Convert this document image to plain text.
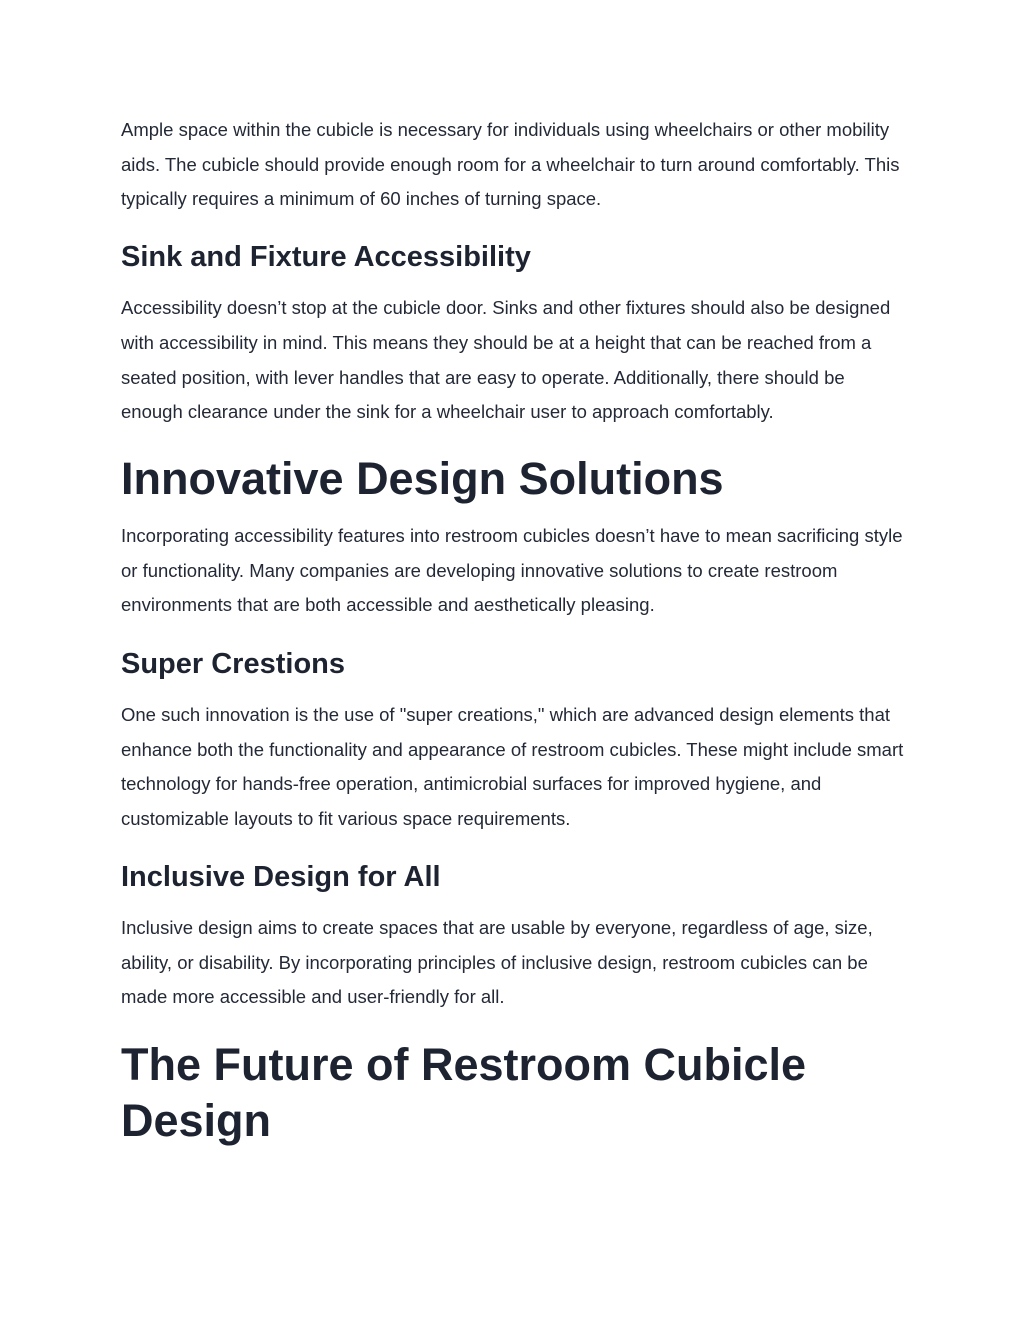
Ample space within the cubicle is necessary for individuals using wheelchairs or other mobility aids. The cubicle should provide enough room for a wheelchair to turn around comfortably. This typically requires a minimum of 60 inches of turning space.

Sink and Fixture Accessibility

Accessibility doesn’t stop at the cubicle door. Sinks and other fixtures should also be designed with accessibility in mind. This means they should be at a height that can be reached from a seated position, with lever handles that are easy to operate. Additionally, there should be enough clearance under the sink for a wheelchair user to approach comfortably.

Innovative Design Solutions

Incorporating accessibility features into restroom cubicles doesn’t have to mean sacrificing style or functionality. Many companies are developing innovative solutions to create restroom environments that are both accessible and aesthetically pleasing.

Super Crestions

One such innovation is the use of "super creations," which are advanced design elements that enhance both the functionality and appearance of restroom cubicles. These might include smart technology for hands-free operation, antimicrobial surfaces for improved hygiene, and customizable layouts to fit various space requirements.

Inclusive Design for All

Inclusive design aims to create spaces that are usable by everyone, regardless of age, size, ability, or disability. By incorporating principles of inclusive design, restroom cubicles can be made more accessible and user-friendly for all.

The Future of Restroom Cubicle Design
